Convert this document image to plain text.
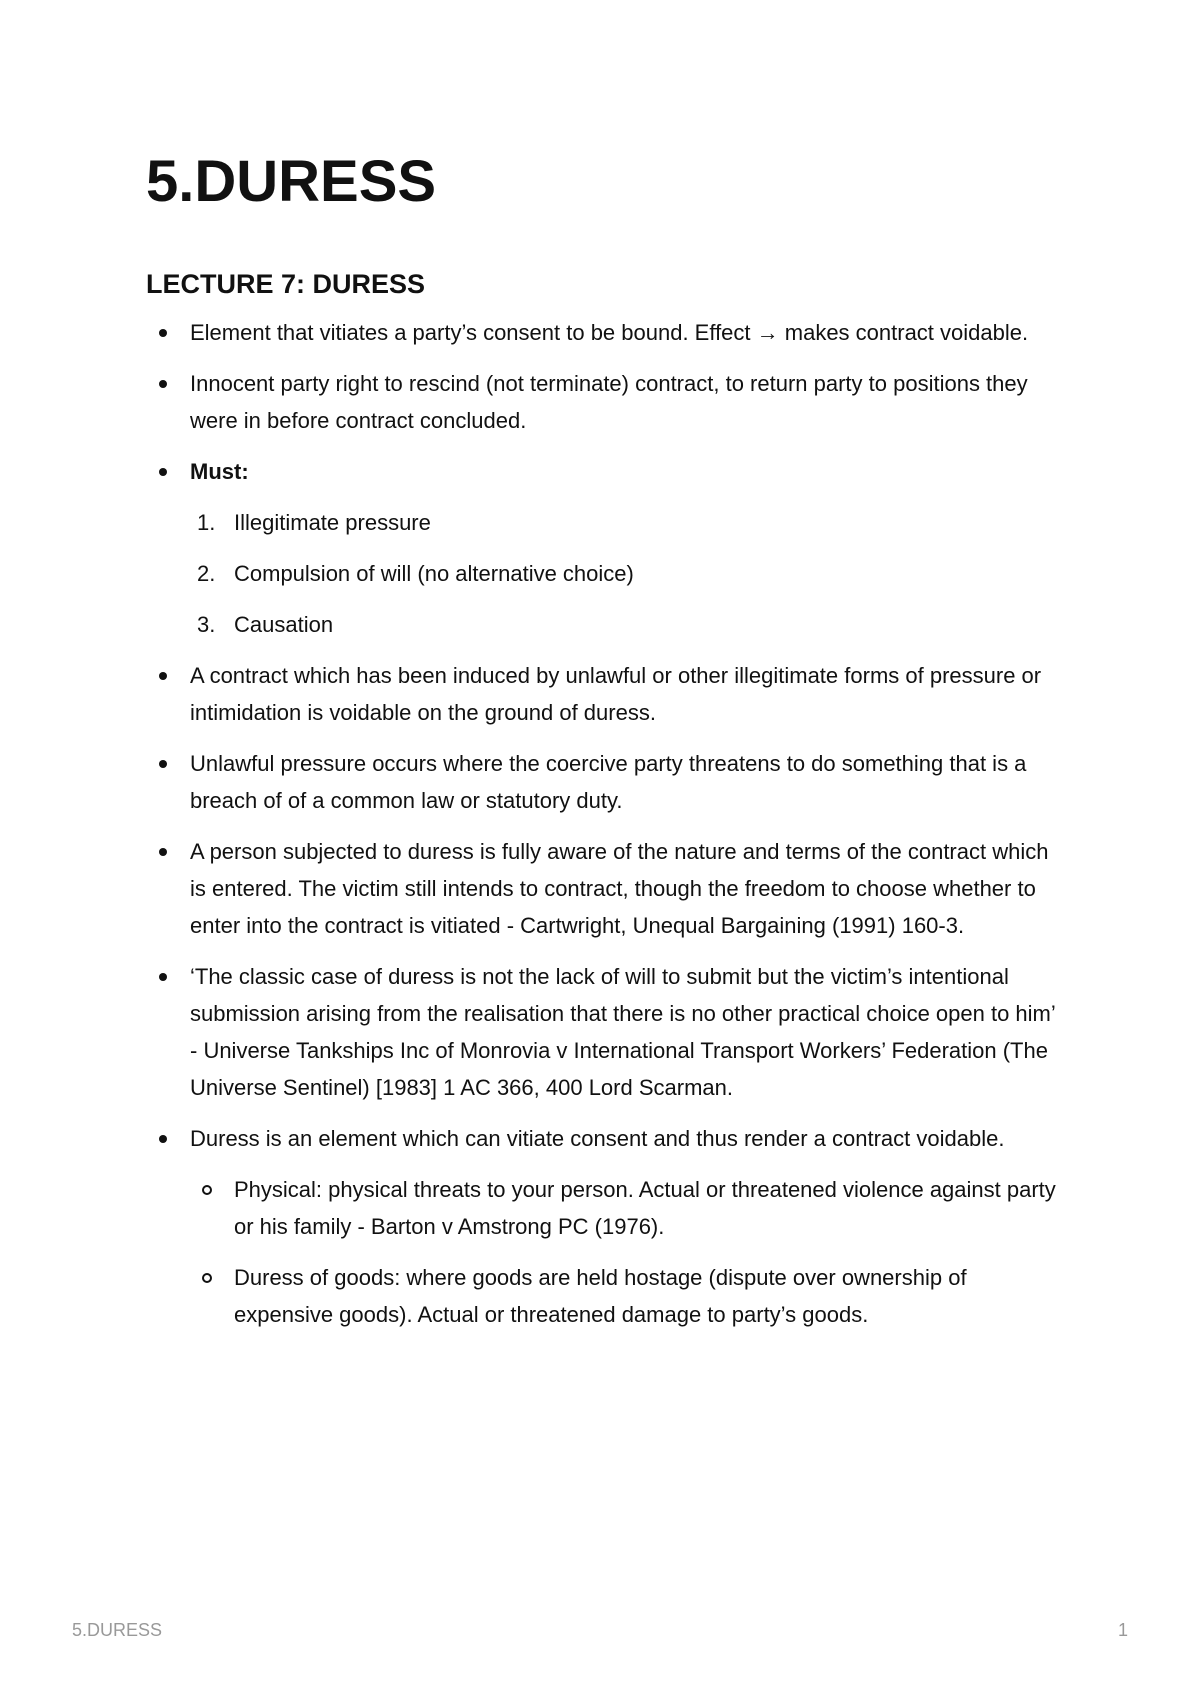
5.DURESS
LECTURE 7: DURESS
Element that vitiates a party’s consent to be bound. Effect → makes contract voidable.
Innocent party right to rescind (not terminate) contract, to return party to positions they were in before contract concluded.
Must:
1. Illegitimate pressure
2. Compulsion of will (no alternative choice)
3. Causation
A contract which has been induced by unlawful or other illegitimate forms of pressure or intimidation is voidable on the ground of duress.
Unlawful pressure occurs where the coercive party threatens to do something that is a breach of of a common law or statutory duty.
A person subjected to duress is fully aware of the nature and terms of the contract which is entered. The victim still intends to contract, though the freedom to choose whether to enter into the contract is vitiated - Cartwright, Unequal Bargaining (1991) 160-3.
‘The classic case of duress is not the lack of will to submit but the victim’s intentional submission arising from the realisation that there is no other practical choice open to him’ - Universe Tankships Inc of Monrovia v International Transport Workers’ Federation (The Universe Sentinel) [1983] 1 AC 366, 400 Lord Scarman.
Duress is an element which can vitiate consent and thus render a contract voidable.
Physical: physical threats to your person. Actual or threatened violence against party or his family - Barton v Amstrong PC (1976).
Duress of goods: where goods are held hostage (dispute over ownership of expensive goods). Actual or threatened damage to party’s goods.
5.DURESS	1
